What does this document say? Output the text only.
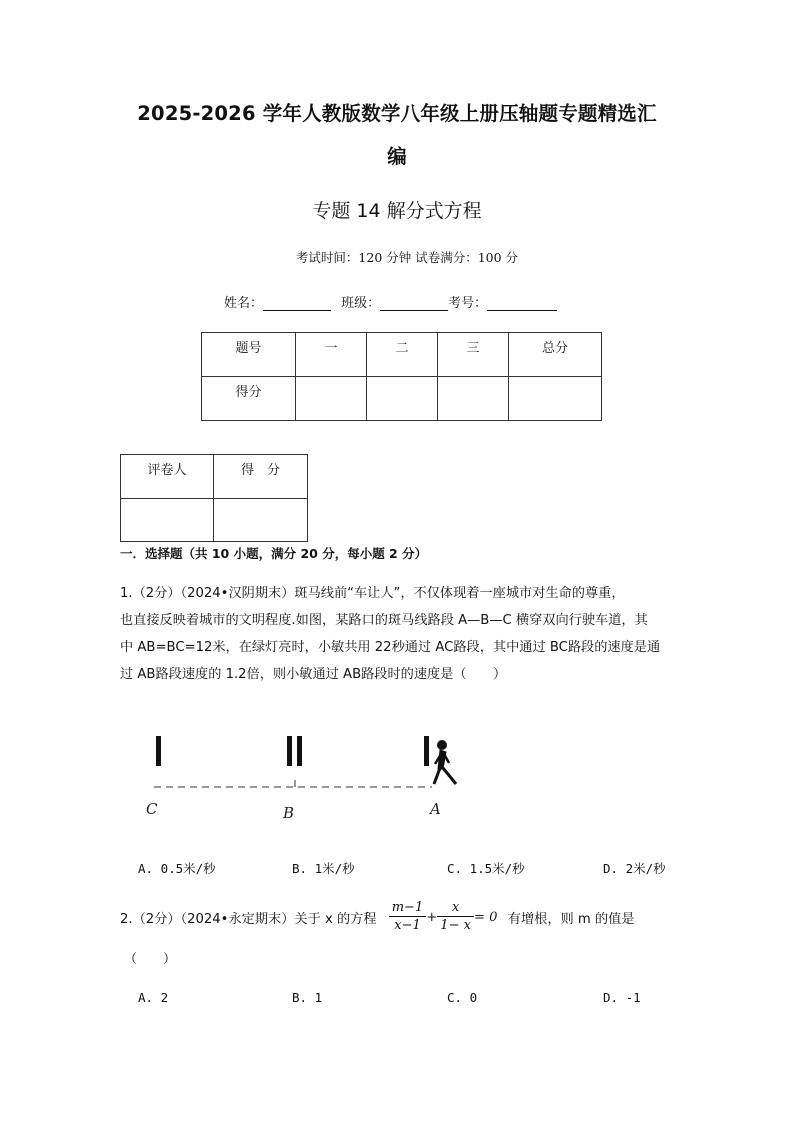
2025-2026 学年人教版数学八年级上册压轴题专题精选汇
编
专题 14 解分式方程
考试时间：120 分钟 试卷满分：100 分
姓名：	班级：	考号：
题号	一	二	三	总分
得分				
评卷人	得　分

一．选择题（共 10 小题，满分 20 分，每小题 2 分）
1.（2分）（2024•汉阴期末）斑马线前“车让人”，不仅体现着一座城市对生命的尊重，
也直接反映着城市的文明程度.如图，某路口的斑马线路段 A—B—C 横穿双向行驶车道，其
中 AB=BC=12米，在绿灯亮时，小敏共用 22秒通过 AC路段，其中通过 BC路段的速度是通
过 AB路段速度的 1.2倍，则小敏通过 AB路段时的速度是（　　）
C	B	A
A. 0.5米/秒	B. 1米/秒	C. 1.5米/秒	D. 2米/秒
2.（2分）（2024•永定期末）关于 x 的方程 $\frac{m-1}{x-1} + \frac{x}{1- x} = 0$ 有增根，则 m 的值是
（　　）
A. 2	B. 1	C. 0	D. -1
